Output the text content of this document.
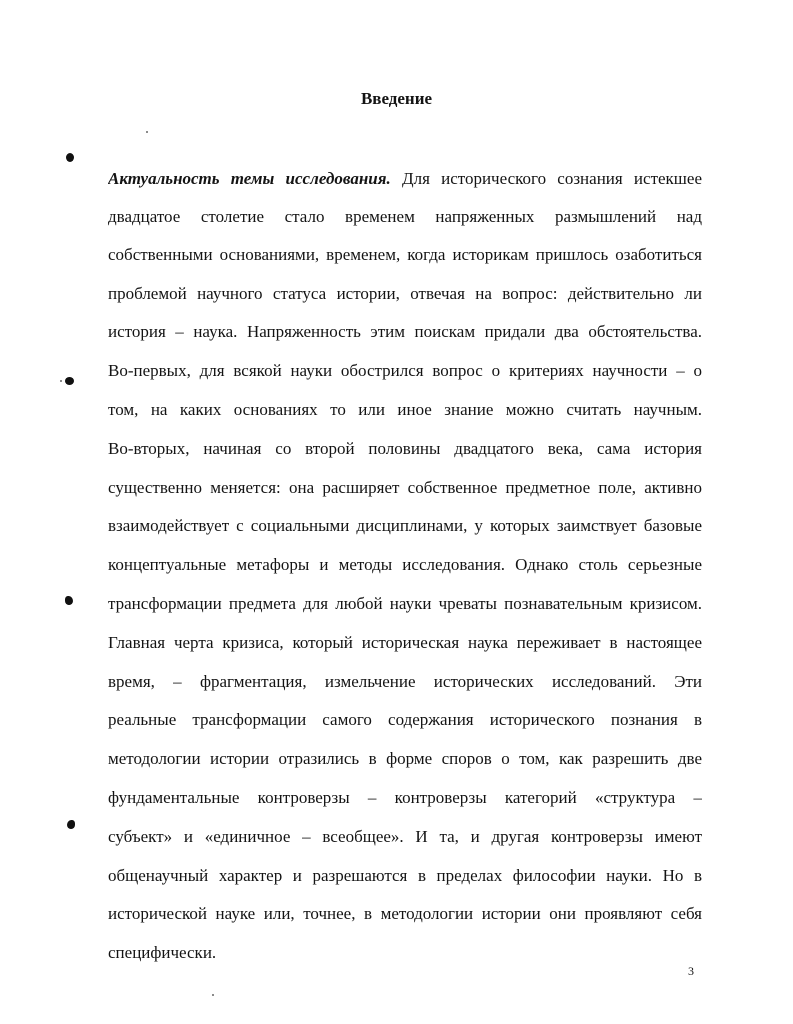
Введение
Актуальность темы исследования. Для исторического сознания истекшее
двадцатое столетие стало временем напряженных размышлений над
собственными основаниями, временем, когда историкам пришлось озаботиться
проблемой научного статуса истории, отвечая на вопрос: действительно ли
история – наука. Напряженность этим поискам придали два обстоятельства.
Во-первых, для всякой науки обострился вопрос о критериях научности – о
том, на каких основаниях то или иное знание можно считать научным.
Во-вторых, начиная со второй половины двадцатого века, сама история
существенно меняется: она расширяет собственное предметное поле, активно
взаимодействует с социальными дисциплинами, у которых заимствует базовые
концептуальные метафоры и методы исследования. Однако столь серьезные
трансформации предмета для любой науки чреваты познавательным кризисом.
Главная черта кризиса, который историческая наука переживает в настоящее
время, – фрагментация, измельчение исторических исследований. Эти
реальные трансформации самого содержания исторического познания в
методологии истории отразились в форме споров о том, как разрешить две
фундаментальные контроверзы – контроверзы категорий «структура –
субъект» и «единичное – всеобщее». И та, и другая контроверзы имеют
общенаучный характер и разрешаются в пределах философии науки. Но в
исторической науке или, точнее, в методологии истории они проявляют себя
специфически.
3
